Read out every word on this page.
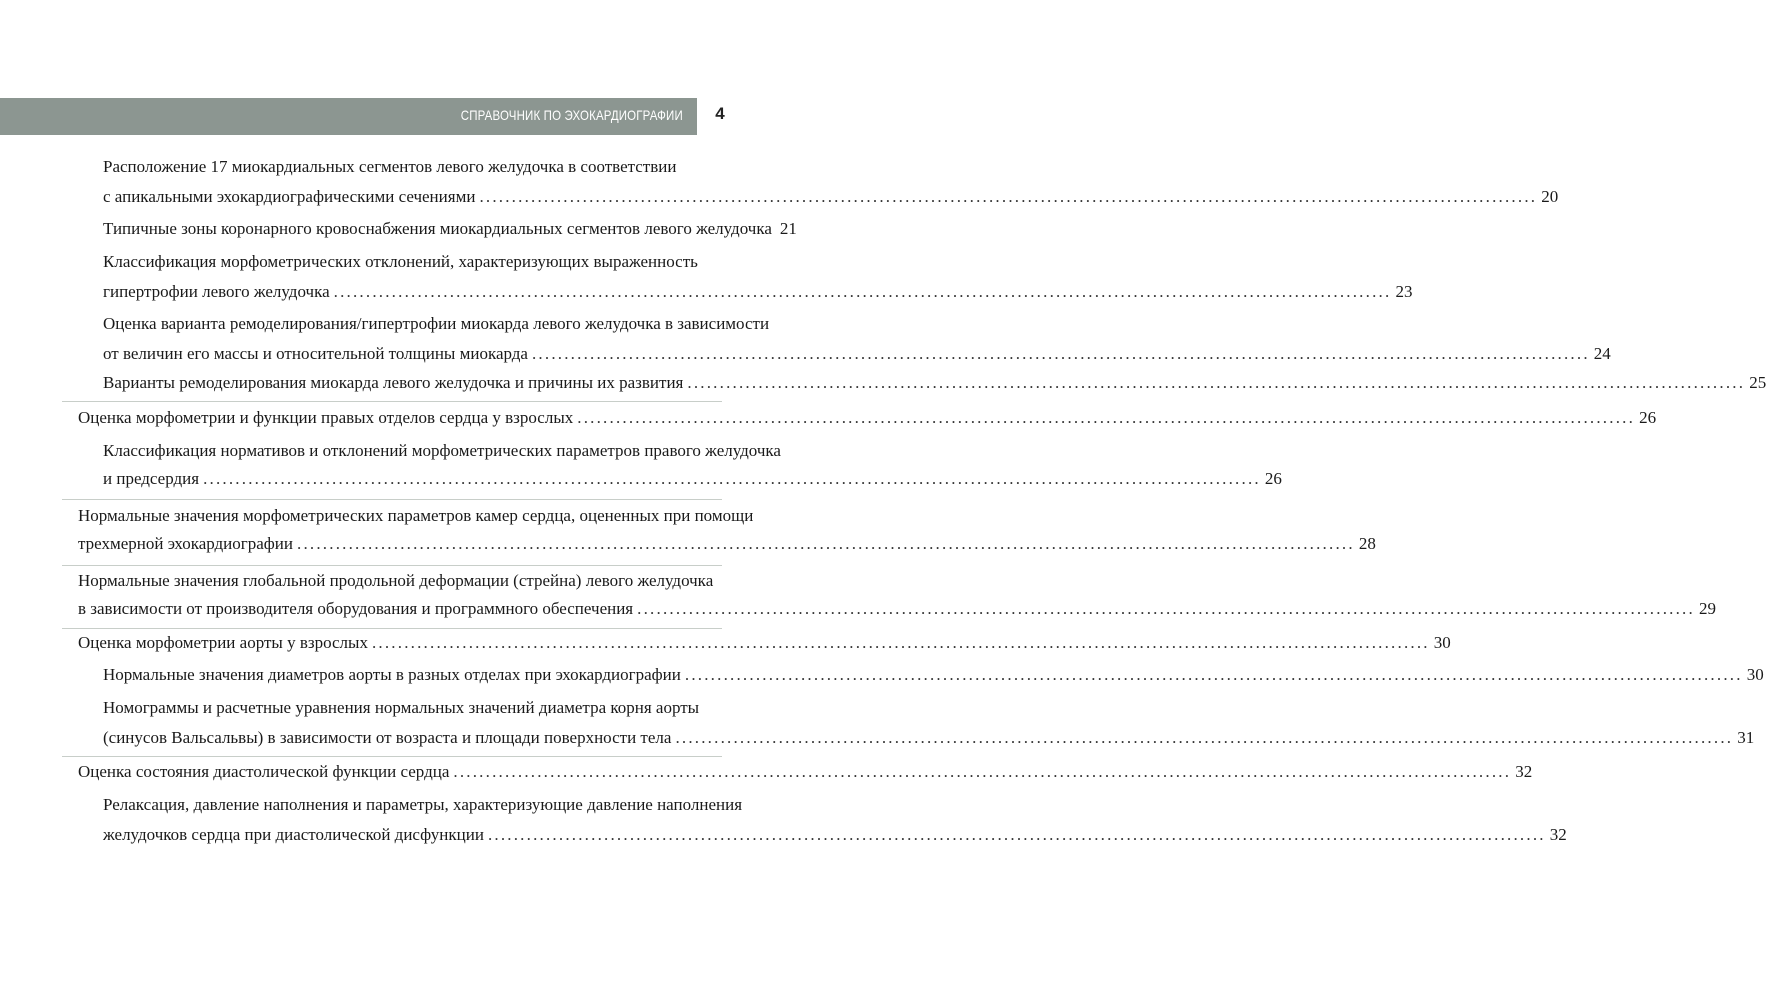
СПРАВОЧНИК ПО ЭХОКАРДИОГРАФИИ	4
Расположение 17 миокардиальных сегментов левого желудочка в соответствии
с апикальными эхокардиографическими сечениями .................................................................................................................................................................... 20
Типичные зоны коронарного кровоснабжения миокардиальных сегментов левого желудочка 21
Классификация морфометрических отклонений, характеризующих выраженность
гипертрофии левого желудочка .................................................................................................................................................................... 23
Оценка варианта ремоделирования/гипертрофии миокарда левого желудочка в зависимости
от величин его массы и относительной толщины миокарда .................................................................................................................................................................... 24
Варианты ремоделирования миокарда левого желудочка и причины их развития .................................................................................................................................................................... 25
Оценка морфометрии и функции правых отделов сердца у взрослых .................................................................................................................................................................... 26
Классификация нормативов и отклонений морфометрических параметров правого желудочка
и предсердия .................................................................................................................................................................... 26
Нормальные значения морфометрических параметров камер сердца, оцененных при помощи
трехмерной эхокардиографии .................................................................................................................................................................... 28
Нормальные значения глобальной продольной деформации (стрейна) левого желудочка
в зависимости от производителя оборудования и программного обеспечения .................................................................................................................................................................... 29
Оценка морфометрии аорты у взрослых .................................................................................................................................................................... 30
Нормальные значения диаметров аорты в разных отделах при эхокардиографии .................................................................................................................................................................... 30
Номограммы и расчетные уравнения нормальных значений диаметра корня аорты
(синусов Вальсальвы) в зависимости от возраста и площади поверхности тела .................................................................................................................................................................... 31
Оценка состояния диастолической функции сердца .................................................................................................................................................................... 32
Релаксация, давление наполнения и параметры, характеризующие давление наполнения
желудочков сердца при диастолической дисфункции .................................................................................................................................................................... 32
